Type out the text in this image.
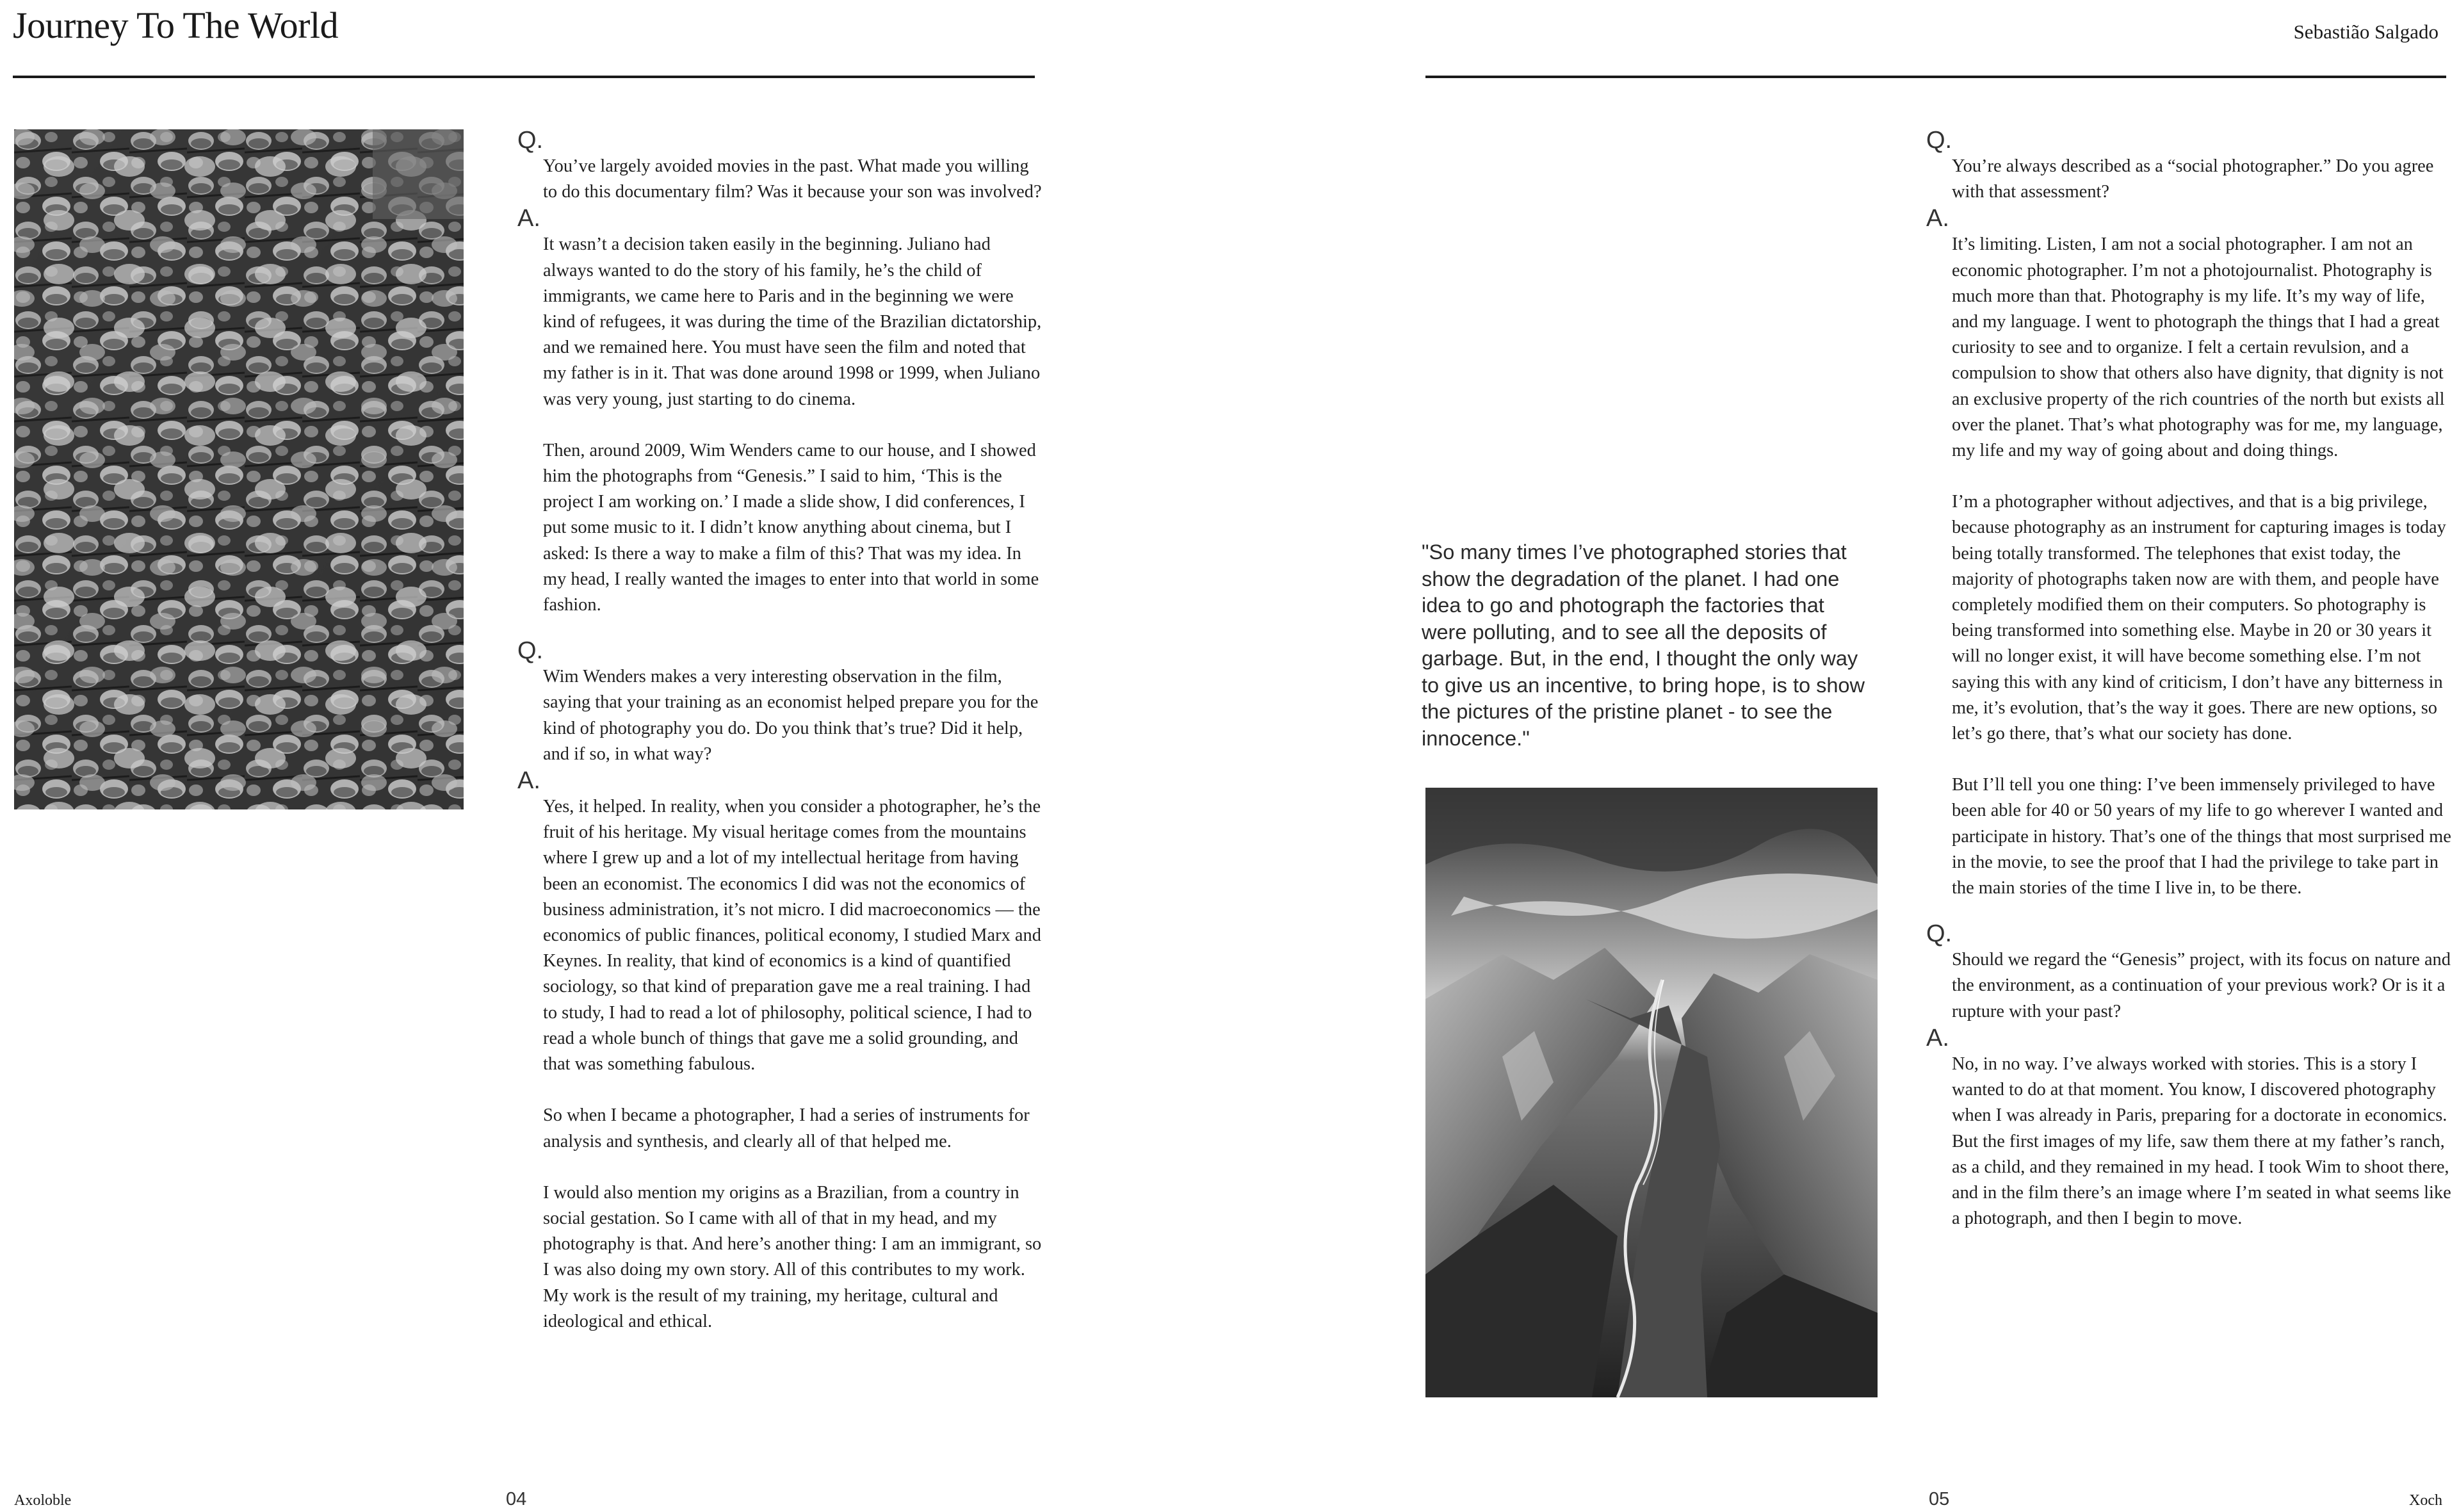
Journey To The World	Sebastião Salgado
Q.

You’ve largely avoided movies in the past. What made you willing to do this documentary film? Was it because your son was involved?

A.

It wasn’t a decision taken easily in the beginning. Juliano had always wanted to do the story of his family, he’s the child of immigrants, we came here to Paris and in the beginning we were kind of refugees, it was during the time of the Brazilian dictatorship, and we remained here. You must have seen the film and noted that my father is in it. That was done around 1998 or 1999, when Juliano was very young, just starting to do cinema.

Then, around 2009, Wim Wenders came to our house, and I showed him the photographs from “Genesis.” I said to him, ‘This is the project I am working on.’ I made a slide show, I did conferences, I put some music to it. I didn’t know anything about cinema, but I asked: Is there a way to make a film of this? That was my idea. In my head, I really wanted the images to enter into that world in some fashion.

Q.

Wim Wenders makes a very interesting observation in the film, saying that your training as an economist helped prepare you for the kind of photography you do. Do you think that’s true? Did it help, and if so, in what way?

A.

Yes, it helped. In reality, when you consider a photographer, he’s the fruit of his heritage. My visual heritage comes from the mountains where I grew up and a lot of my intellectual heritage from having been an economist. The economics I did was not the economics of business administration, it’s not micro. I did macroeconomics — the economics of public finances, political economy, I studied Marx and Keynes. In reality, that kind of economics is a kind of quantified sociology, so that kind of preparation gave me a real training. I had to study, I had to read a lot of philosophy, political science, I had to read a whole bunch of things that gave me a solid grounding, and that was something fabulous.

So when I became a photographer, I had a series of instruments for analysis and synthesis, and clearly all of that helped me.

I would also mention my origins as a Brazilian, from a country in social gestation. So I came with all of that in my head, and my photography is that. And here’s another thing: I am an immigrant, so I was also doing my own story. All of this contributes to my work. My work is the result of my training, my heritage, cultural and ideological and ethical.

"So many times I’ve photographed stories that show the degradation of the planet. I had one idea to go and photograph the factories that were polluting, and to see all the deposits of garbage. But, in the end, I thought the only way to give us an incentive, to bring hope, is to show the pictures of the pristine planet - to see the innocence."
Q.

You’re always described as a “social photographer.” Do you agree with that assessment?

A.

It’s limiting. Listen, I am not a social photographer. I am not an economic photographer. I’m not a photojournalist. Photography is much more than that. Photography is my life. It’s my way of life, and my language. I went to photograph the things that I had a great curiosity to see and to organize. I felt a certain revulsion, and a compulsion to show that others also have dignity, that dignity is not an exclusive property of the rich countries of the north but exists all over the planet. That’s what photography was for me, my language, my life and my way of going about and doing things.

I’m a photographer without adjectives, and that is a big privilege, because photography as an instrument for capturing images is today being totally transformed. The telephones that exist today, the majority of photographs taken now are with them, and people have completely modified them on their computers. So photography is being transformed into something else. Maybe in 20 or 30 years it will no longer exist, it will have become something else. I’m not saying this with any kind of criticism, I don’t have any bitterness in me, it’s evolution, that’s the way it goes. There are new options, so let’s go there, that’s what our society has done.

But I’ll tell you one thing: I’ve been immensely privileged to have been able for 40 or 50 years of my life to go wherever I wanted and participate in history. That’s one of the things that most surprised me in the movie, to see the proof that I had the privilege to take part in the main stories of the time I live in, to be there.

Q.

Should we regard the “Genesis” project, with its focus on nature and the environment, as a continuation of your previous work? Or is it a rupture with your past?

A.

No, in no way. I’ve always worked with stories. This is a story I wanted to do at that moment. You know, I discovered photography when I was already in Paris, preparing for a doctorate in economics. But the first images of my life, saw them there at my father’s ranch, as a child, and they remained in my head. I took Wim to shoot there, and in the film there’s an image where I’m seated in what seems like a photograph, and then I begin to move.

Axoloble	04	05	Xoch
